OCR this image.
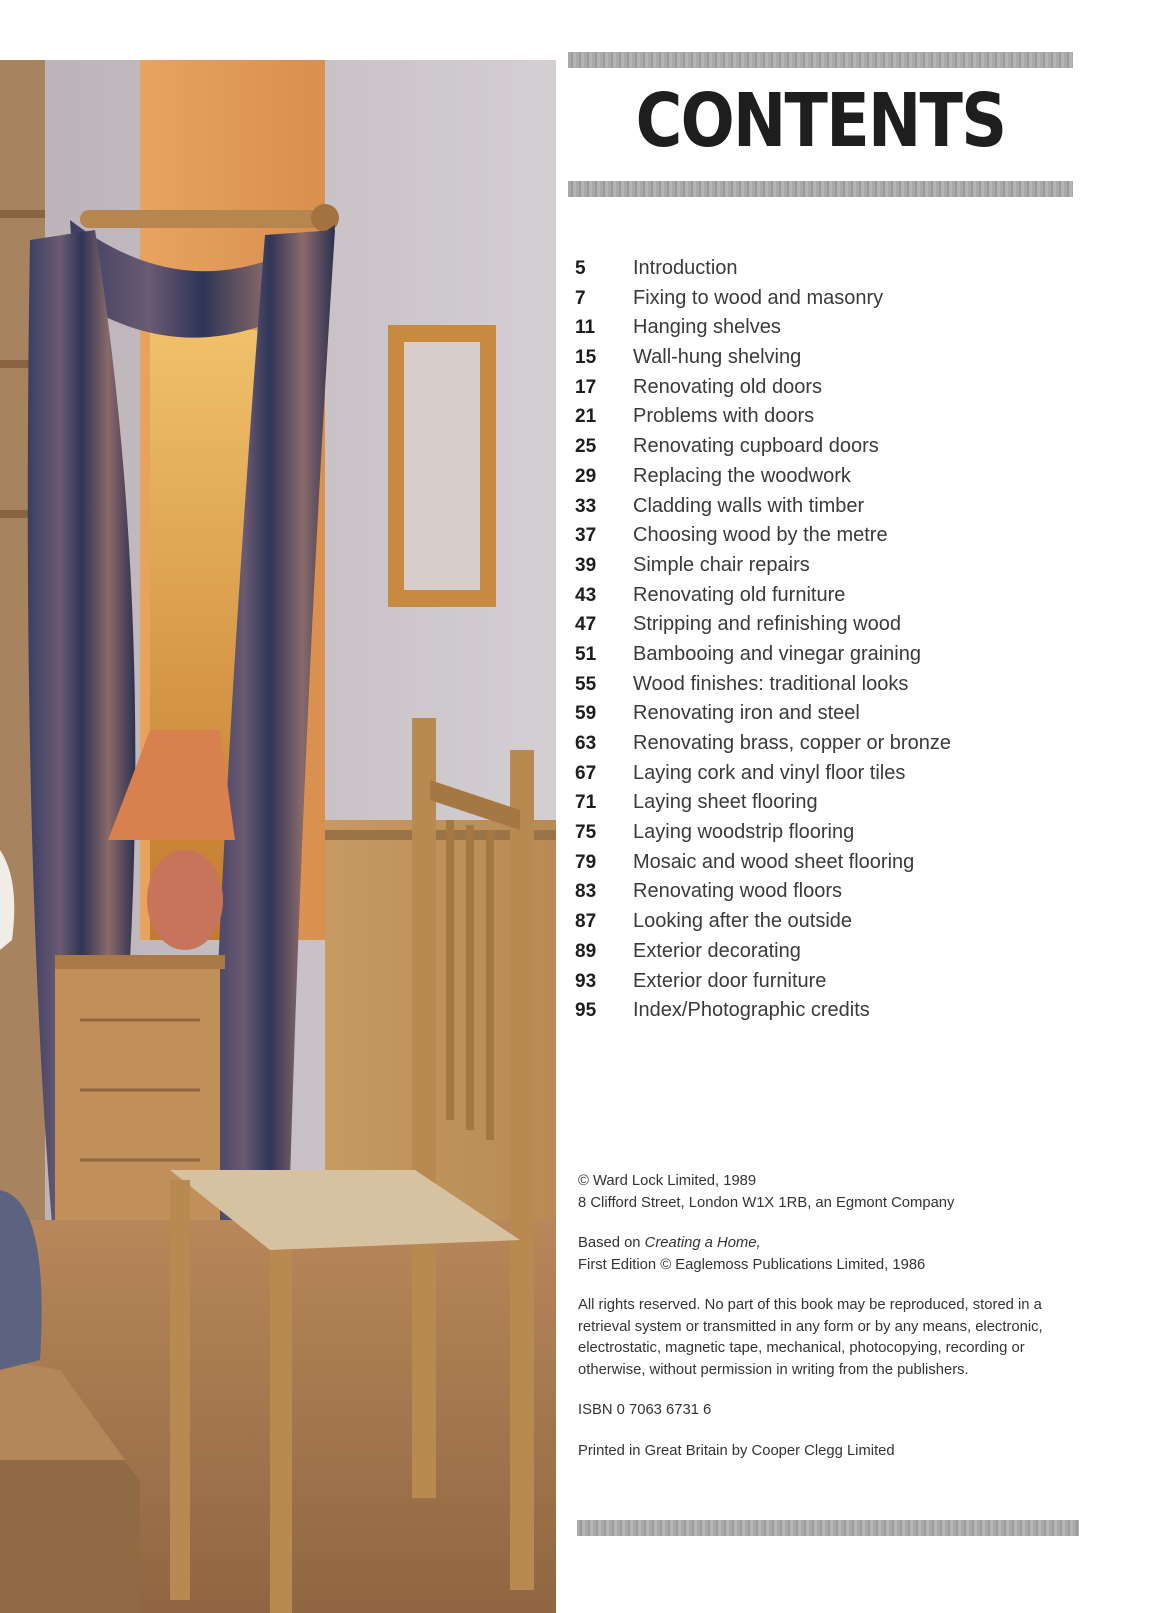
CONTENTS
5	Introduction
7	Fixing to wood and masonry
11	Hanging shelves
15	Wall-hung shelving
17	Renovating old doors
21	Problems with doors
25	Renovating cupboard doors
29	Replacing the woodwork
33	Cladding walls with timber
37	Choosing wood by the metre
39	Simple chair repairs
43	Renovating old furniture
47	Stripping and refinishing wood
51	Bambooing and vinegar graining
55	Wood finishes: traditional looks
59	Renovating iron and steel
63	Renovating brass, copper or bronze
67	Laying cork and vinyl floor tiles
71	Laying sheet flooring
75	Laying woodstrip flooring
79	Mosaic and wood sheet flooring
83	Renovating wood floors
87	Looking after the outside
89	Exterior decorating
93	Exterior door furniture
95	Index/Photographic credits

© Ward Lock Limited, 1989

8 Clifford Street, London W1X 1RB, an Egmont Company

Based on Creating a Home,

First Edition © Eaglemoss Publications Limited, 1986

All rights reserved. No part of this book may be reproduced, stored in a retrieval system or transmitted in any form or by any means, electronic, electrostatic, magnetic tape, mechanical, photocopying, recording or otherwise, without permission in writing from the publishers.

ISBN 0 7063 6731 6

Printed in Great Britain by Cooper Clegg Limited
